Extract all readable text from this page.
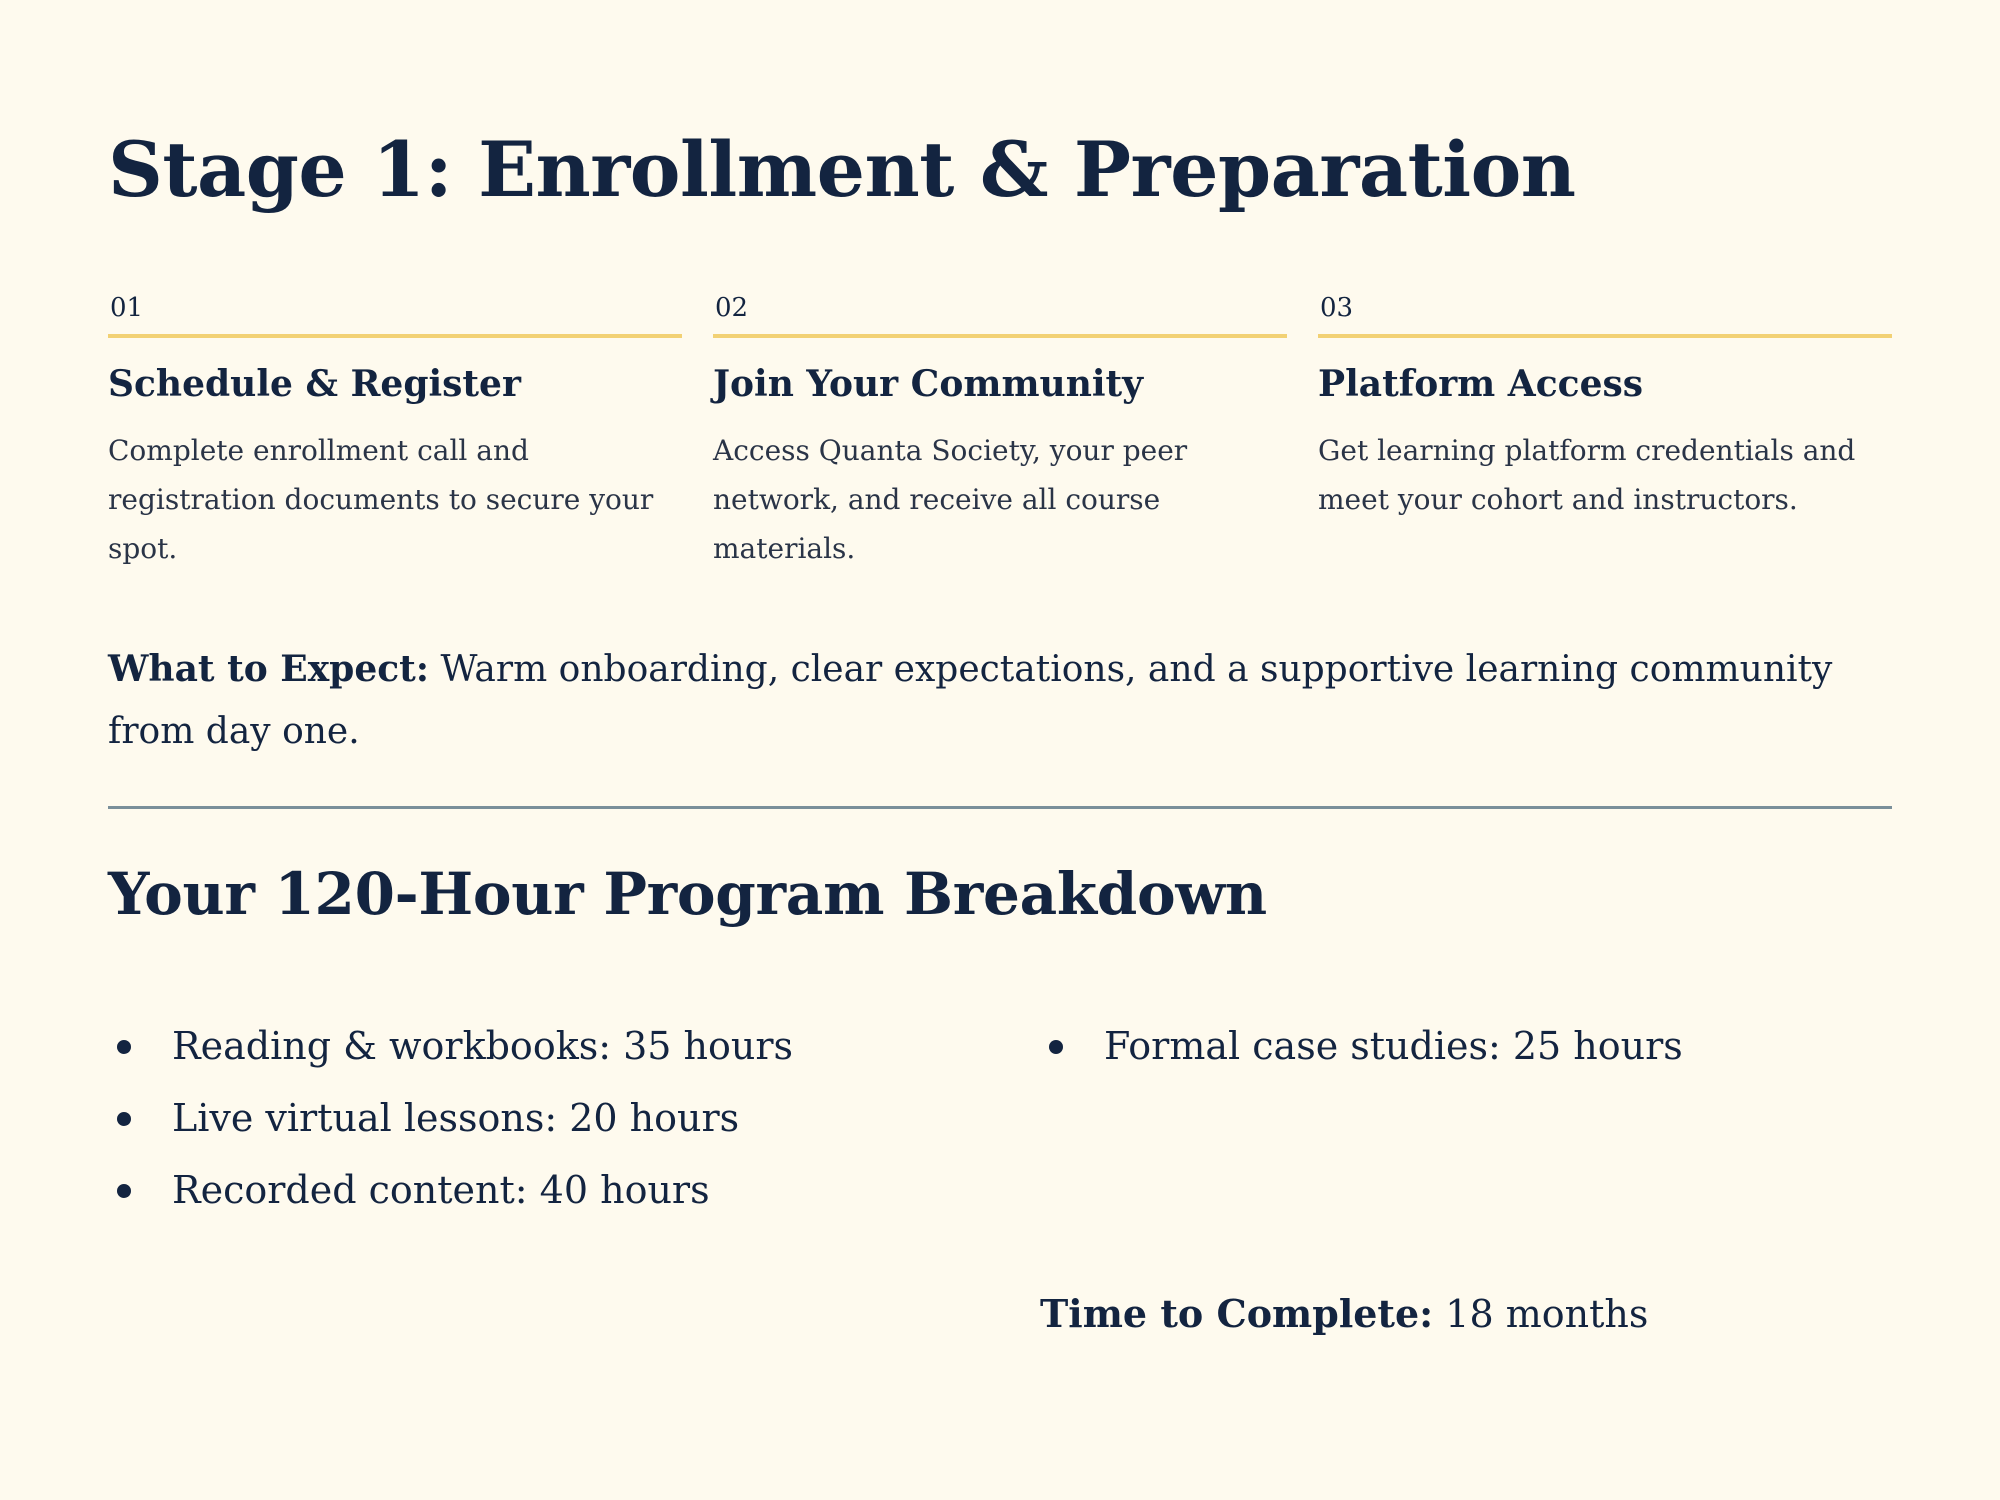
Stage 1: Enrollment & Preparation
01
Schedule & Register
Complete enrollment call and registration documents to secure your spot.
02
Join Your Community
Access Quanta Society, your peer network, and receive all course materials.
03
Platform Access
Get learning platform credentials and meet your cohort and instructors.
What to Expect: Warm onboarding, clear expectations, and a supportive learning community from day one.
Your 120-Hour Program Breakdown
Reading & workbooks: 35 hours
Live virtual lessons: 20 hours
Recorded content: 40 hours
Formal case studies: 25 hours
Time to Complete: 18 months
